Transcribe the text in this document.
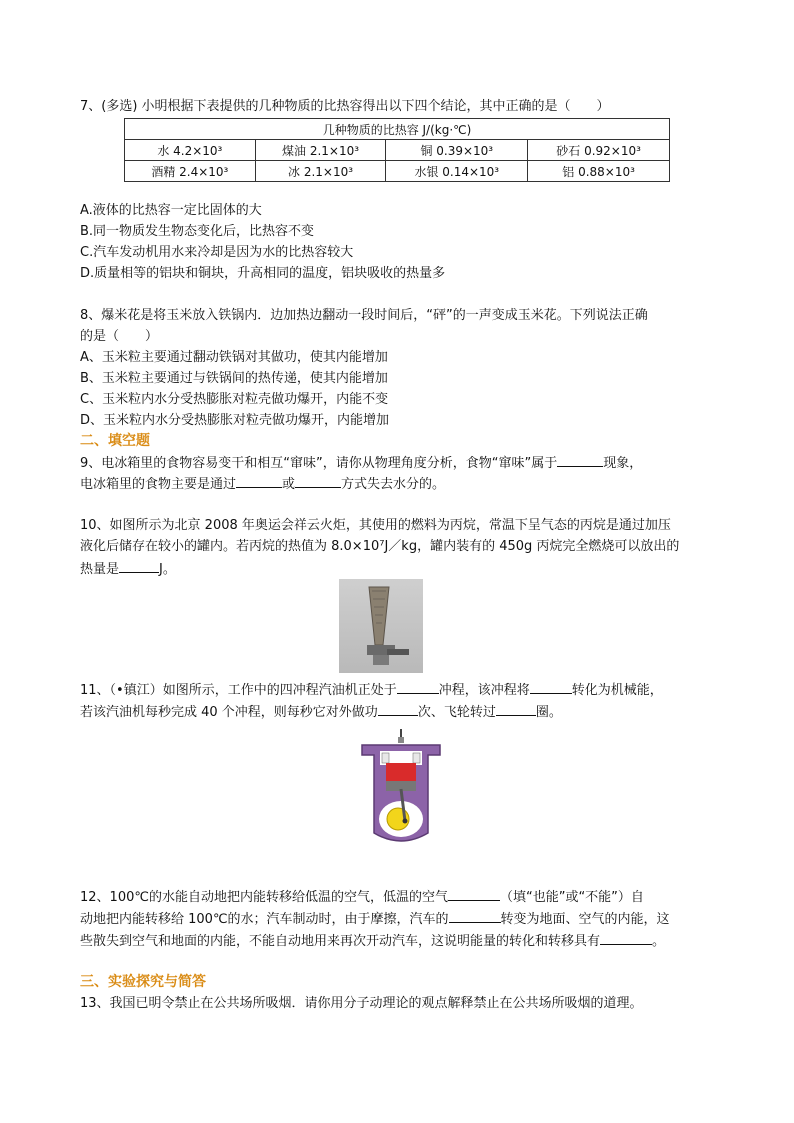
7、(多选) 小明根据下表提供的几种物质的比热容得出以下四个结论，其中正确的是（　　）
几种物质的比热容 J/(kg·℃)			
水 4.2×10³	煤油 2.1×10³	铜 0.39×10³	砂石 0.92×10³
酒精 2.4×10³	冰 2.1×10³	水银 0.14×10³	铝 0.88×10³
A.液体的比热容一定比固体的大
B.同一物质发生物态变化后，比热容不变
C.汽车发动机用水来冷却是因为水的比热容较大
D.质量相等的铝块和铜块，升高相同的温度，铝块吸收的热量多
8、爆米花是将玉米放入铁锅内．边加热边翻动一段时间后，“砰”的一声变成玉米花。下列说法正确
的是（　　）
A、玉米粒主要通过翻动铁锅对其做功，使其内能增加
B、玉米粒主要通过与铁锅间的热传递，使其内能增加
C、玉米粒内水分受热膨胀对粒壳做功爆开，内能不变
D、玉米粒内水分受热膨胀对粒壳做功爆开，内能增加
二、填空题
9、电冰箱里的食物容易变干和相互“窜味”，请你从物理角度分析，食物“窜味”属于	现象，
电冰箱里的食物主要是通过	或	方式失去水分的。
10、如图所示为北京 2008 年奥运会祥云火炬，其使用的燃料为丙烷，常温下呈气态的丙烷是通过加压
液化后储存在较小的罐内。若丙烷的热值为 8.0×10⁷J／kg，罐内装有的 450g 丙烷完全燃烧可以放出的
热量是	J。
11、（•镇江）如图所示，工作中的四冲程汽油机正处于	冲程，该冲程将	转化为机械能，
若该汽油机每秒完成 40 个冲程，则每秒它对外做功	次、飞轮转过	圈。
12、100℃的水能自动地把内能转移给低温的空气，低温的空气	（填“也能”或“不能”）自
动地把内能转移给 100℃的水；汽车制动时，由于摩擦，汽车的	转变为地面、空气的内能，这
些散失到空气和地面的内能，不能自动地用来再次开动汽车，这说明能量的转化和转移具有	。
三、实验探究与简答
13、我国已明令禁止在公共场所吸烟．请你用分子动理论的观点解释禁止在公共场所吸烟的道理。
